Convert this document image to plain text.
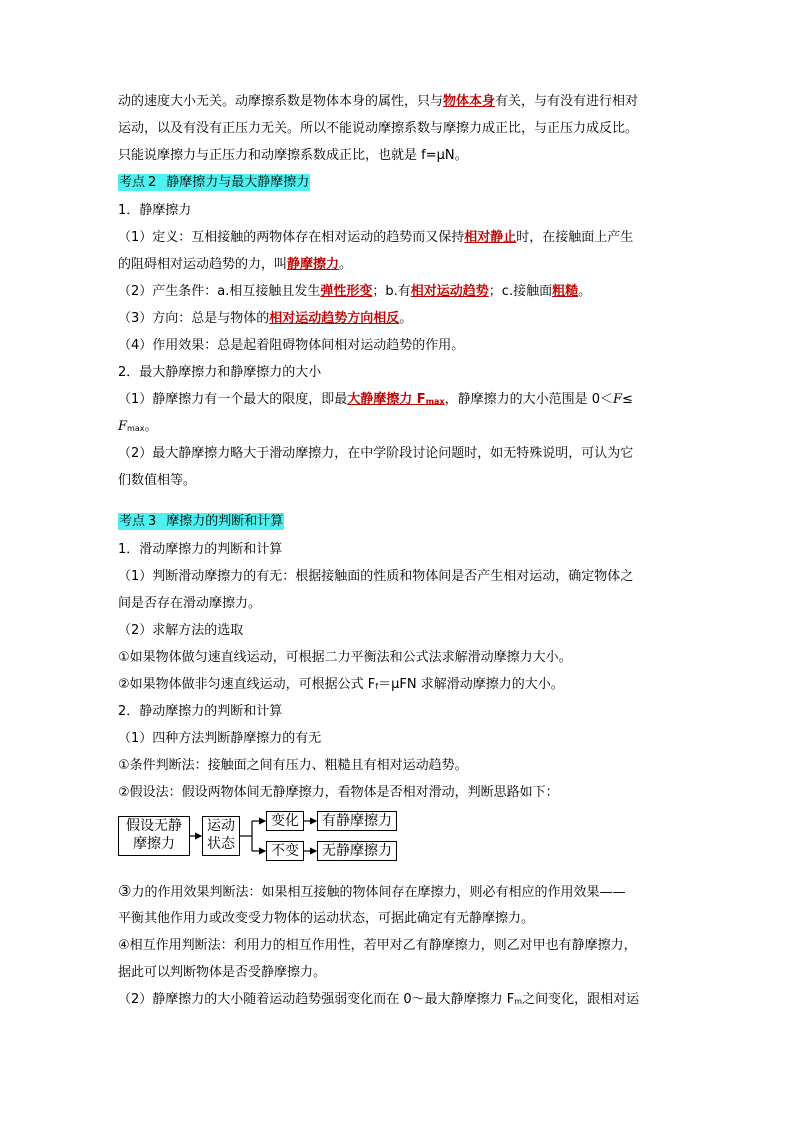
动的速度大小无关。动摩擦系数是物体本身的属性，只与物体本身有关，与有没有进行相对
运动，以及有没有正压力无关。所以不能说动摩擦系数与摩擦力成正比，与正压力成反比。
只能说摩擦力与正压力和动摩擦系数成正比，也就是 f=μN。
考点 2 静摩擦力与最大静摩擦力
1．静摩擦力
（1）定义：互相接触的两物体存在相对运动的趋势而又保持相对静止时，在接触面上产生
的阻碍相对运动趋势的力，叫静摩擦力。
（2）产生条件：a.相互接触且发生弹性形变；b.有相对运动趋势；c.接触面粗糙。
（3）方向：总是与物体的相对运动趋势方向相反。
（4）作用效果：总是起着阻碍物体间相对运动趋势的作用。
2．最大静摩擦力和静摩擦力的大小
（1）静摩擦力有一个最大的限度，即最大静摩擦力 Fmax，静摩擦力的大小范围是 0＜F≤
Fmax。
（2）最大静摩擦力略大于滑动摩擦力，在中学阶段讨论问题时，如无特殊说明，可认为它
们数值相等。
考点 3 摩擦力的判断和计算
1．滑动摩擦力的判断和计算
（1）判断滑动摩擦力的有无：根据接触面的性质和物体间是否产生相对运动，确定物体之
间是否存在滑动摩擦力。
（2）求解方法的选取
①如果物体做匀速直线运动，可根据二力平衡法和公式法求解滑动摩擦力大小。
②如果物体做非匀速直线运动，可根据公式 Ff＝μFN 求解滑动摩擦力的大小。
2．静动摩擦力的判断和计算
（1）四种方法判断静摩擦力的有无
①条件判断法：接触面之间有压力、粗糙且有相对运动趋势。
②假设法：假设两物体间无静摩擦力，看物体是否相对滑动，判断思路如下：
假设无静
摩擦力
运动
状态
变化	有静摩擦力
不变	无静摩擦力
③力的作用效果判断法：如果相互接触的物体间存在摩擦力，则必有相应的作用效果——
平衡其他作用力或改变受力物体的运动状态，可据此确定有无静摩擦力。
④相互作用判断法：利用力的相互作用性，若甲对乙有静摩擦力，则乙对甲也有静摩擦力，
据此可以判断物体是否受静摩擦力。
（2）静摩擦力的大小随着运动趋势强弱变化而在 0～最大静摩擦力 Fm之间变化，跟相对运
